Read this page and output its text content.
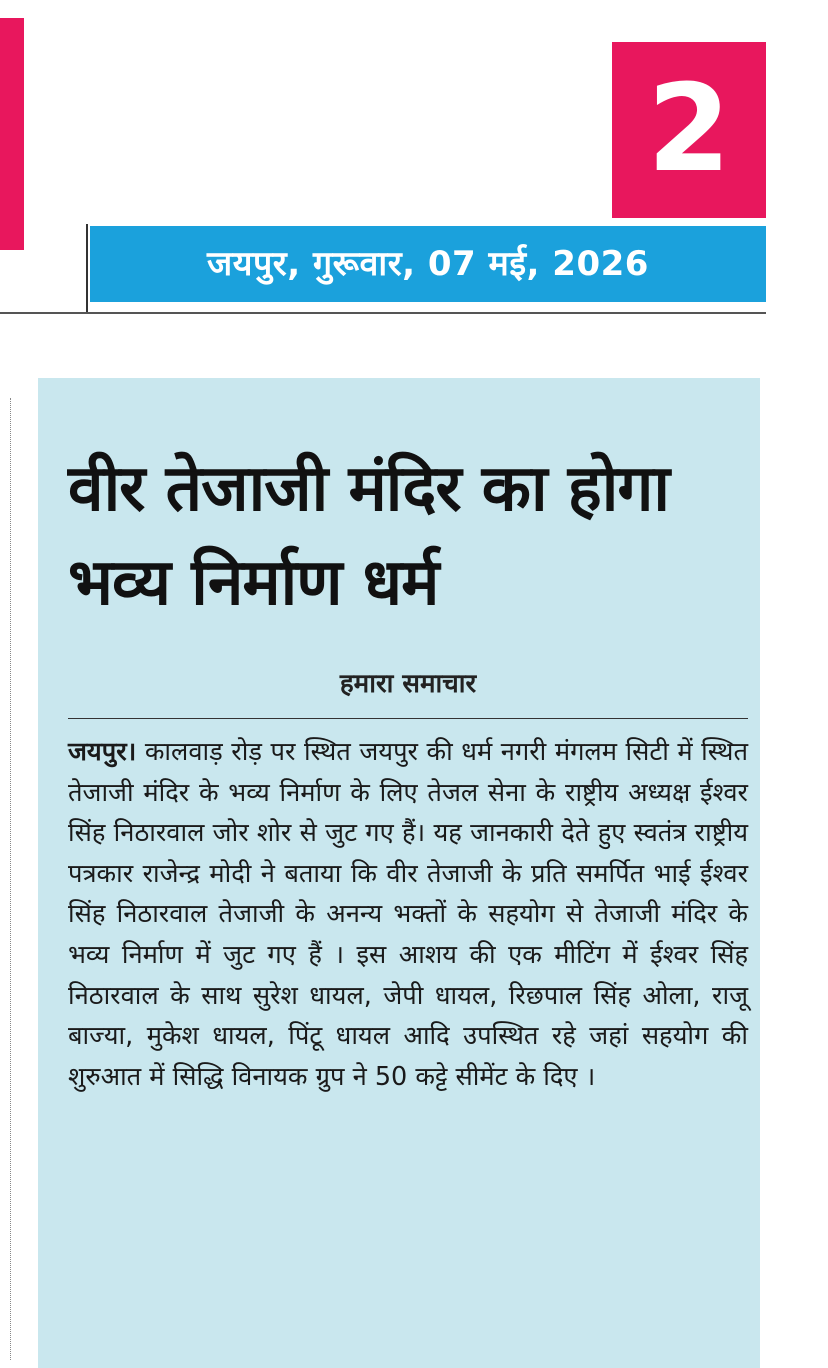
2
जयपुर, गुरूवार, 07 मई, 2026
वीर तेजाजी मंदिर का होगा भव्य निर्माण धर्म
हमारा समाचार

जयपुर। कालवाड़ रोड़ पर स्थित जयपुर की धर्म नगरी मंगलम सिटी में स्थित तेजाजी मंदिर के भव्य निर्माण के लिए तेजल सेना के राष्ट्रीय अध्यक्ष ईश्वर सिंह निठारवाल जोर शोर से जुट गए हैं। यह जानकारी देते हुए स्वतंत्र राष्ट्रीय पत्रकार राजेन्द्र मोदी ने बताया कि वीर तेजाजी के प्रति समर्पित भाई ईश्वर सिंह निठारवाल तेजाजी के अनन्य भक्तों के सहयोग से तेजाजी मंदिर के भव्य निर्माण में जुट गए हैं । इस आशय की एक मीटिंग में ईश्वर सिंह निठारवाल के साथ सुरेश धायल, जेपी धायल, रिछपाल सिंह ओला, राजू बाज्या, मुकेश धायल, पिंटू धायल आदि उपस्थित रहे जहां सहयोग की शुरुआत में सिद्धि विनायक ग्रुप ने 50 कट्टे सीमेंट के दिए ।
